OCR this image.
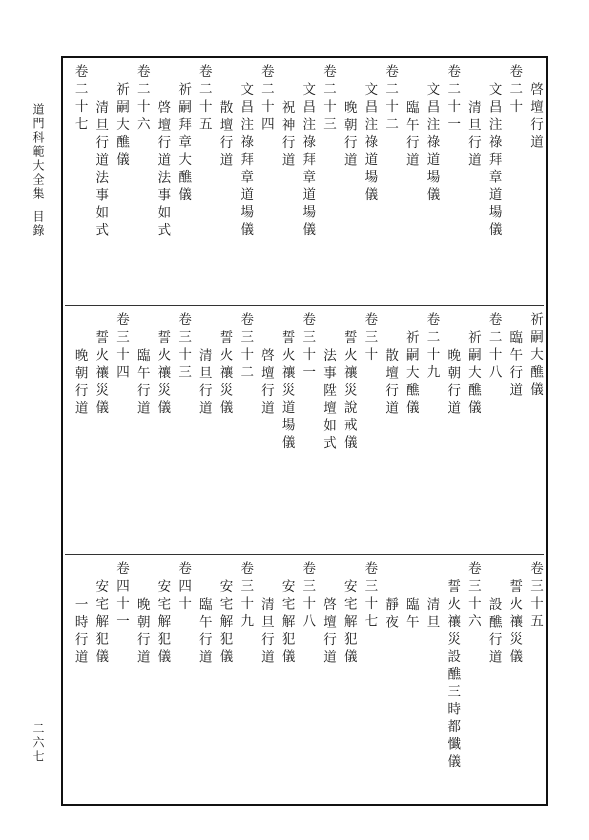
道門科範大全集
目錄
二六七
啓壇行道
卷二十
文昌注祿拜章道場儀
清旦行道
卷二十一
文昌注祿道場儀
臨午行道
卷二十二
文昌注祿道場儀
晚朝行道
卷二十三
文昌注祿拜章道場儀
祝神行道
卷二十四
文昌注祿拜章道場儀
散壇行道
卷二十五
祈嗣拜章大醮儀
啓壇行道法事如式
卷二十六
祈嗣大醮儀
清旦行道法事如式
卷二十七
祈嗣大醮儀
臨午行道
卷二十八
祈嗣大醮儀
晚朝行道
卷二十九
祈嗣大醮儀
散壇行道
卷三十
誓火禳災說戒儀
法事陞壇如式
卷三十一
誓火禳災道場儀
啓壇行道
卷三十二
誓火禳災儀
清旦行道
卷三十三
誓火禳災儀
臨午行道
卷三十四
誓火禳災儀
晚朝行道
卷三十五
誓火禳災儀
設醮行道
卷三十六
誓火禳災設醮三時都懺儀
清旦
臨午
靜夜
卷三十七
安宅解犯儀
啓壇行道
卷三十八
安宅解犯儀
清旦行道
卷三十九
安宅解犯儀
臨午行道
卷四十
安宅解犯儀
晚朝行道
卷四十一
安宅解犯儀
一時行道
